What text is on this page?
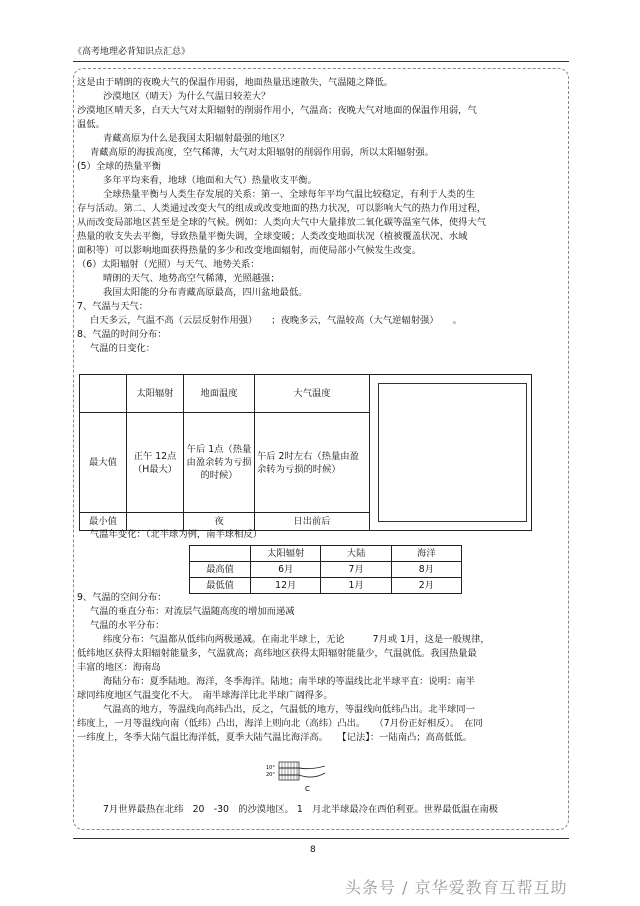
《高考地理必背知识点汇总》
这是由于晴朗的夜晚大气的保温作用弱，地面热量迅速散失，气温随之降低。
沙漠地区（晴天）为什么气温日较差大？
沙漠地区晴天多，白天大气对太阳辐射的削弱作用小，气温高；夜晚大气对地面的保温作用弱，气
温低。
青藏高原为什么是我国太阳辐射最强的地区？
青藏高原的海拔高度，空气稀薄，大气对太阳辐射的削弱作用弱，所以太阳辐射强。
(5）全球的热量平衡
多年平均来看，地球（地面和大气）热量收支平衡。
全球热量平衡与人类生存发展的关系：第一、全球每年平均气温比较稳定，有利于人类的生
存与活动。第二、人类通过改变大气的组成或改变地面的热力状况，可以影响大气的热力作用过程，
从而改变局部地区甚至是全球的气候。例如：人类向大气中大量排放二氧化碳等温室气体，使得大气
热量的收支失去平衡，导致热量平衡失调，全球变暖；人类改变地面状况（植被覆盖状况、水域
面积等）可以影响地面获得热量的多少和改变地面辐射，而使局部小气候发生改变。
（6）太阳辐射（光照）与天气、地势关系：
晴朗的天气、地势高空气稀薄，光照越强；
我国太阳能的分布青藏高原最高，四川盆地最低。
7、气温与天气：
白天多云，气温不高（云层反射作用强）　　；夜晚多云，气温较高（大气逆辐射强）　　。
8、气温的时间分布：
气温的日变化：
	太阳辐射	地面温度	大气温度	

最大值	正午 12点（H最大）	午后 1点（热量由盈余转为亏损的时候）	午后 2时左右（热量由盈余转为亏损的时候）	
最小值		夜	日出前后	
气温年变化：（北半球为例，南半球相反）
	太阳辐射	大陆	海洋
最高值	6月	7月	8月
最低值	12月	1月	2月
9、气温的空间分布：
气温的垂直分布：对流层气温随高度的增加而递减
气温的水平分布：
纬度分布：气温都从低纬向两极递减。在南北半球上，无论　　　7月或 1月，这是一般规律，
低纬地区获得太阳辐射能量多，气温就高；高纬地区获得太阳辐射能量少，气温就低。我国热量最
丰富的地区：海南岛
海陆分布：夏季陆地。海洋，冬季海洋。陆地；南半球的等温线比北半球平直：说明：南半
球同纬度地区气温变化不大。　南半球海洋比北半球广阔得多。
气温高的地方，等温线向高纬凸出，反之，气温低的地方，等温线向低纬凸出。北半球同一
纬度上，一月等温线向南（低纬）凸出，海洋上则向北（高纬）凸出。　　（7月份正好相反）。　在同
一纬度上，冬季大陆气温比海洋低，夏季大陆气温比海洋高。　　【记法】：一陆南凸；高高低低。
10°
20°
C
7月世界最热在北纬　20　-30　的沙漠地区。 1　月北半球最冷在西伯利亚。世界最低温在南极
8
头条号 / 京华爱教育互帮互助
